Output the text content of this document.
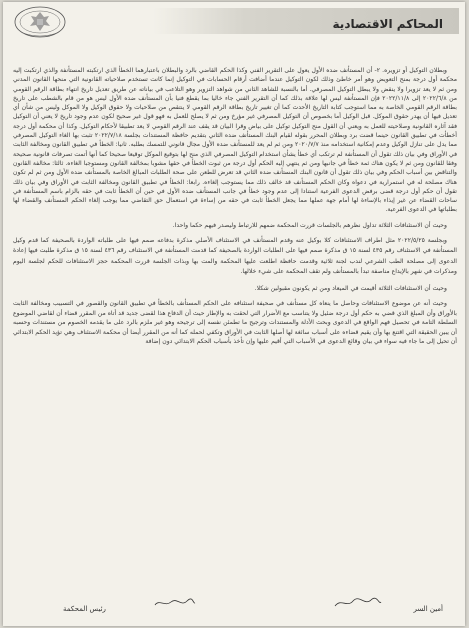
المحاكم الاقتصادية

وبطلان التوكيل أو تزويره. ٢- أن المستأنف ضده الأول يعول على التقرير الفني وكذا الحكم القاضي بالرد والبطلان باعتبارهما الخطأ الذي ارتكبته المستأنفة والذي ارتكبت إليه محكمة أول درجة بمنح التعويض وهو أمر خاطئ وذلك لكون التوكيل عندما أضافت أرقام الحسابات في التوكيل إنما كانت تستخدم صلاحياته القانونية التي منحها القانون المدني ومن ثم لا يعد تزويرا ولا ينقض ولا يبطل التوكيل المصرفي. أما بالنسبة للشاهد الثاني من شواهد التزوير وهو التلاعب في بياناته عن طريق تعديل تاريخ انتهاء بطاقة الرقم القومي من ٢٠٢٢/٦/٨ إلى ٢٠٢٢/١١/٨ فإن المستأنفة ليس لها علاقة بذلك كما أن التقرير الفني جاء خاليا بما يقطع فنيا بأن المستأنف ضده الأول ليس هو من قام بالشطب على تاريخ بطاقة الرقم القومي الخاصة به مما استوجب كتابة التاريخ الأحدث كما أن تغيير تاريخ بطاقة الرقم القومي لا ينتقص من صلاحيات ولا حقوق الوكيل ولا الموكل وليس من شأن أي تعديل فيها أن يهدر حقوق الموكل. قبل الوكيل أما بخصوص أن التوكيل المصرفي غير مؤرخ ومن ثم لا يصلح للعمل به فهو قول غير صحيح لكون عدم وجود تاريخ لا يعني أن التوكيل فقد آثاره القانونية وصلاحيته للعمل به ويعني أن القول منح التوكيل توكيل على بياض وقرا البيان قد يقف عند الرقم القومي لا يعد تطبيقا لأحكام التوكيل. وكذا أن محكمة أول درجة أخطأت في تطبيق القانون حينما قضت برد وبطلان المحرر بقوله لقيام البنك المستأنف ضده الثاني بتقديم حافظة المستندات بجلسة ٢٠٢٢/٧/١٨ تثبت بها الغاء التوكيل المصرفي مما يدل على تنازل الوكيل وعدم إمكانية استخدامه منذ ٢٠٢٠/٧/٧ ومن ثم لم يعد للمستأنف ضده الأول مجال قانوني للتمسك بطلبه. ثانيا: الخطأ في تطبيق القانون ومخالفة الثابت في الأوراق وفي بيان ذلك تقول أن المستأنفة لم ترتكب أي خطأ يشأن استخدام التوكيل المصرفي الذي منح لها بتوقيع الموكل توقيعا صحيحا كما أنها أتمت تصرفات قانونية صحيحة وفقا للقانون ومن ثم لا يكون هناك ثمة خطأ في جانبها ومن ثم ينتهي إليه الحكم أول درجة من ثبوت الخطأ في حقها مشوبا بمخالفة القانون ومستوجبا الغاءه. ثالثا: مخالفة القانون والتناقض بين أسباب الحكم وفي بيان ذلك تقول أن قانون البنك المستأنف ضده الثاني قد تعرض للطعن على صحة الطلبات المبالغ الخاصة بالمستأنف ضده الأول ومن ثم لم تكون هناك مصلحة له في استمرارية في دعواه وكان الحكم المستأنف قد خالف ذلك مما يستوجب إلغاءه. رابعا: الخطأ في تطبيق القانون ومخالفة الثابت في الأوراق وفي بيان ذلك تقول أن حكم أول درجة قضى برفض الدعوى الفرعية استنادا إلى عدم وجود خطأ في جانب المستأنف ضده الأول في حين أن الخطأ ثابت في حقه بالزام باسم المستأنفة في ساحات القضاء عن غير إيذاء بالإساءة لها أمام جهة عملها مما يجعل الخطأ ثابت في حقه من إساءة في استعمال حق التقاضي مما يوجب إلغاء الحكم المستأنف والقضاء لها بطلباتها في الدعوى الفرعية.

وحيث أن الاستئنافات الثلاثة تداول نظرهم بالجلسات قررت المحكمة ضمهم للارتباط وليصدر فيهم حكما واحدا.

وبجلسة ٢٠٢٢/٥/٢٥ مثل اطراف الاستئنافات كلا بوكيل عنه وقدم المستأنف في الاستئناف الأصلي مذكرة بدفاعه صمم فيها على طلباته الواردة بالصحيفة كما قدم وكيل المستأنفة في الاستئناف رقم ٤٣٥ لسنة ١٥ ق مذكرة صمم فيها على الطلبات الواردة بالصحيفة كما قدمت المستأنفة في الاستئناف رقم ٤٣٦ لسنة ١٥ ق مذكرة طلبت فيها إعادة الدعوى إلى مصلحة الطب الشرعي لندب لجنة ثلاثية وقدمت حافظة اطلعت عليها المحكمة والمت بها وبذات الجلسة قررت المحكمة حجز الاستئنافات للحكم لجلسة اليوم ومذكرات في شهر بالإيداع مناصفة تبدأ بالمستأنف ولم تقف المحكمة على شيء خلالها.

وحيث أن الاستئنافات الثلاثة أقيمت في الميعاد ومن ثم يكونون مقبولين شكلا.

وحيث أنه عن موضوع الاستئنافات وحاصل ما ينعاه كل مستأنف في صحيفة استئنافه على الحكم المستأنف بالخطأ في تطبيق القانون والقصور في التسبيب ومخالفة الثابت بالأوراق وأن المبلغ الذي قضي به حكم أول درجة ضئيل ولا يتناسب مع الأضرار التي لحقت به والإطار حيث أن الدفاع هذا لقضى جديد قد أتاه من المقرر قضاء أن لقاضي الموضوع السلطة التامة في تحصيل فهم الواقع في الدعوى وبحث الأدلة والمستندات وترجيح ما تطمئن نفسه إلى ترجيحه وهو غير ملزم بالرد على ما يقدمه الخصوم من مستندات وحسبه أن يبين الحقيقة التي اقتنع بها وأن يقيم قضاءه على أسباب سائغة لها أصلها الثابت في الأوراق وتكفي لحمله كما أنه من المقرر أيضا أن محكمة الاستئناف وهي تؤيد الحكم الابتدائي أن تحيل إلى ما جاء فيه سواء في بيان وقائع الدعوى في الأسباب التي أقيم عليها وإن تأخذ بأسباب الحكم الابتدائي دون إضافة

أمين السر
رئيس المحكمة
